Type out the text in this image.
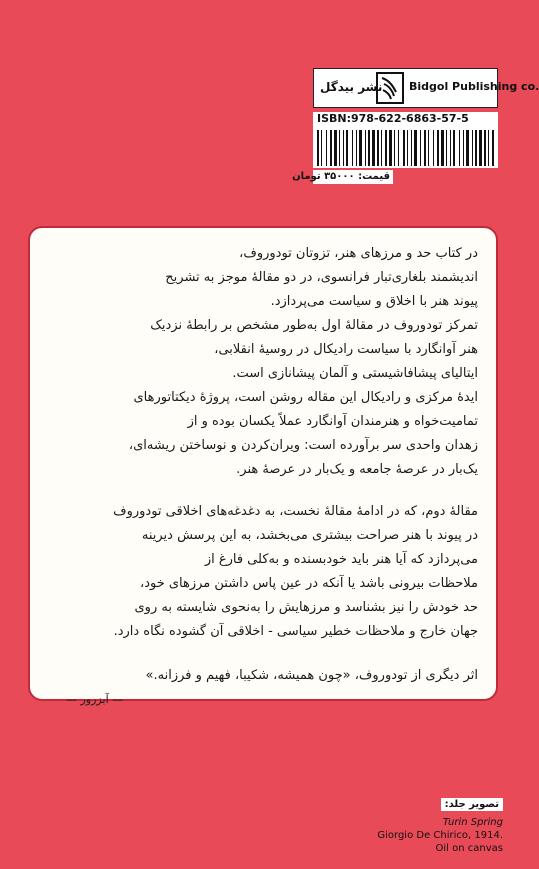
نشر بیدگل Bidgol Publishing co.
ISBN:978-622-6863-57-5
قیمت: ۳۵۰۰۰ تومان
در کتاب حد و مرزهای هنر، تزوتان تودوروف،
اندیشمند بلغاری‌تبار فرانسوی، در دو مقالهٔ موجز به تشریح
پیوند هنر با اخلاق و سیاست می‌پردازد.
تمرکز تودوروف در مقالهٔ اول به‌طور مشخص بر رابطهٔ نزدیک
هنر آوانگارد با سیاست رادیکال در روسیهٔ انقلابی،
ایتالیای پیشافاشیستی و آلمان پیشانازی است.
ایدهٔ مرکزی و رادیکال این مقاله روشن است، پروژهٔ دیکتاتورهای
تمامیت‌خواه و هنرمندان آوانگارد عملاً یکسان بوده و از
زهدان واحدی سر برآورده است: ویران‌کردن و نوساختن ریشه‌ای،
یک‌بار در عرصهٔ جامعه و یک‌بار در عرصهٔ هنر.
مقالهٔ دوم، که در ادامهٔ مقالهٔ نخست، به دغدغه‌های اخلاقی تودوروف
در پیوند با هنر صراحت بیشتری می‌بخشد، به این پرسش دیرینه
می‌پردازد که آیا هنر باید خودبسنده و به‌کلی فارغ از
ملاحظات بیرونی باشد یا آنکه در عین پاس داشتن مرزهای خود،
حد خودش را نیز بشناسد و مرزهایش را به‌نحوی شایسته به روی
جهان خارج و ملاحظات خطیر سیاسی - اخلاقی آن گشوده نگاه دارد.
اثر دیگری از تودوروف، «چون همیشه، شکیبا، فهیم و فرزانه.»
— آبزرور —
تصویر جلد:
Turin Spring
Giorgio De Chirico, 1914.
Oil on canvas
